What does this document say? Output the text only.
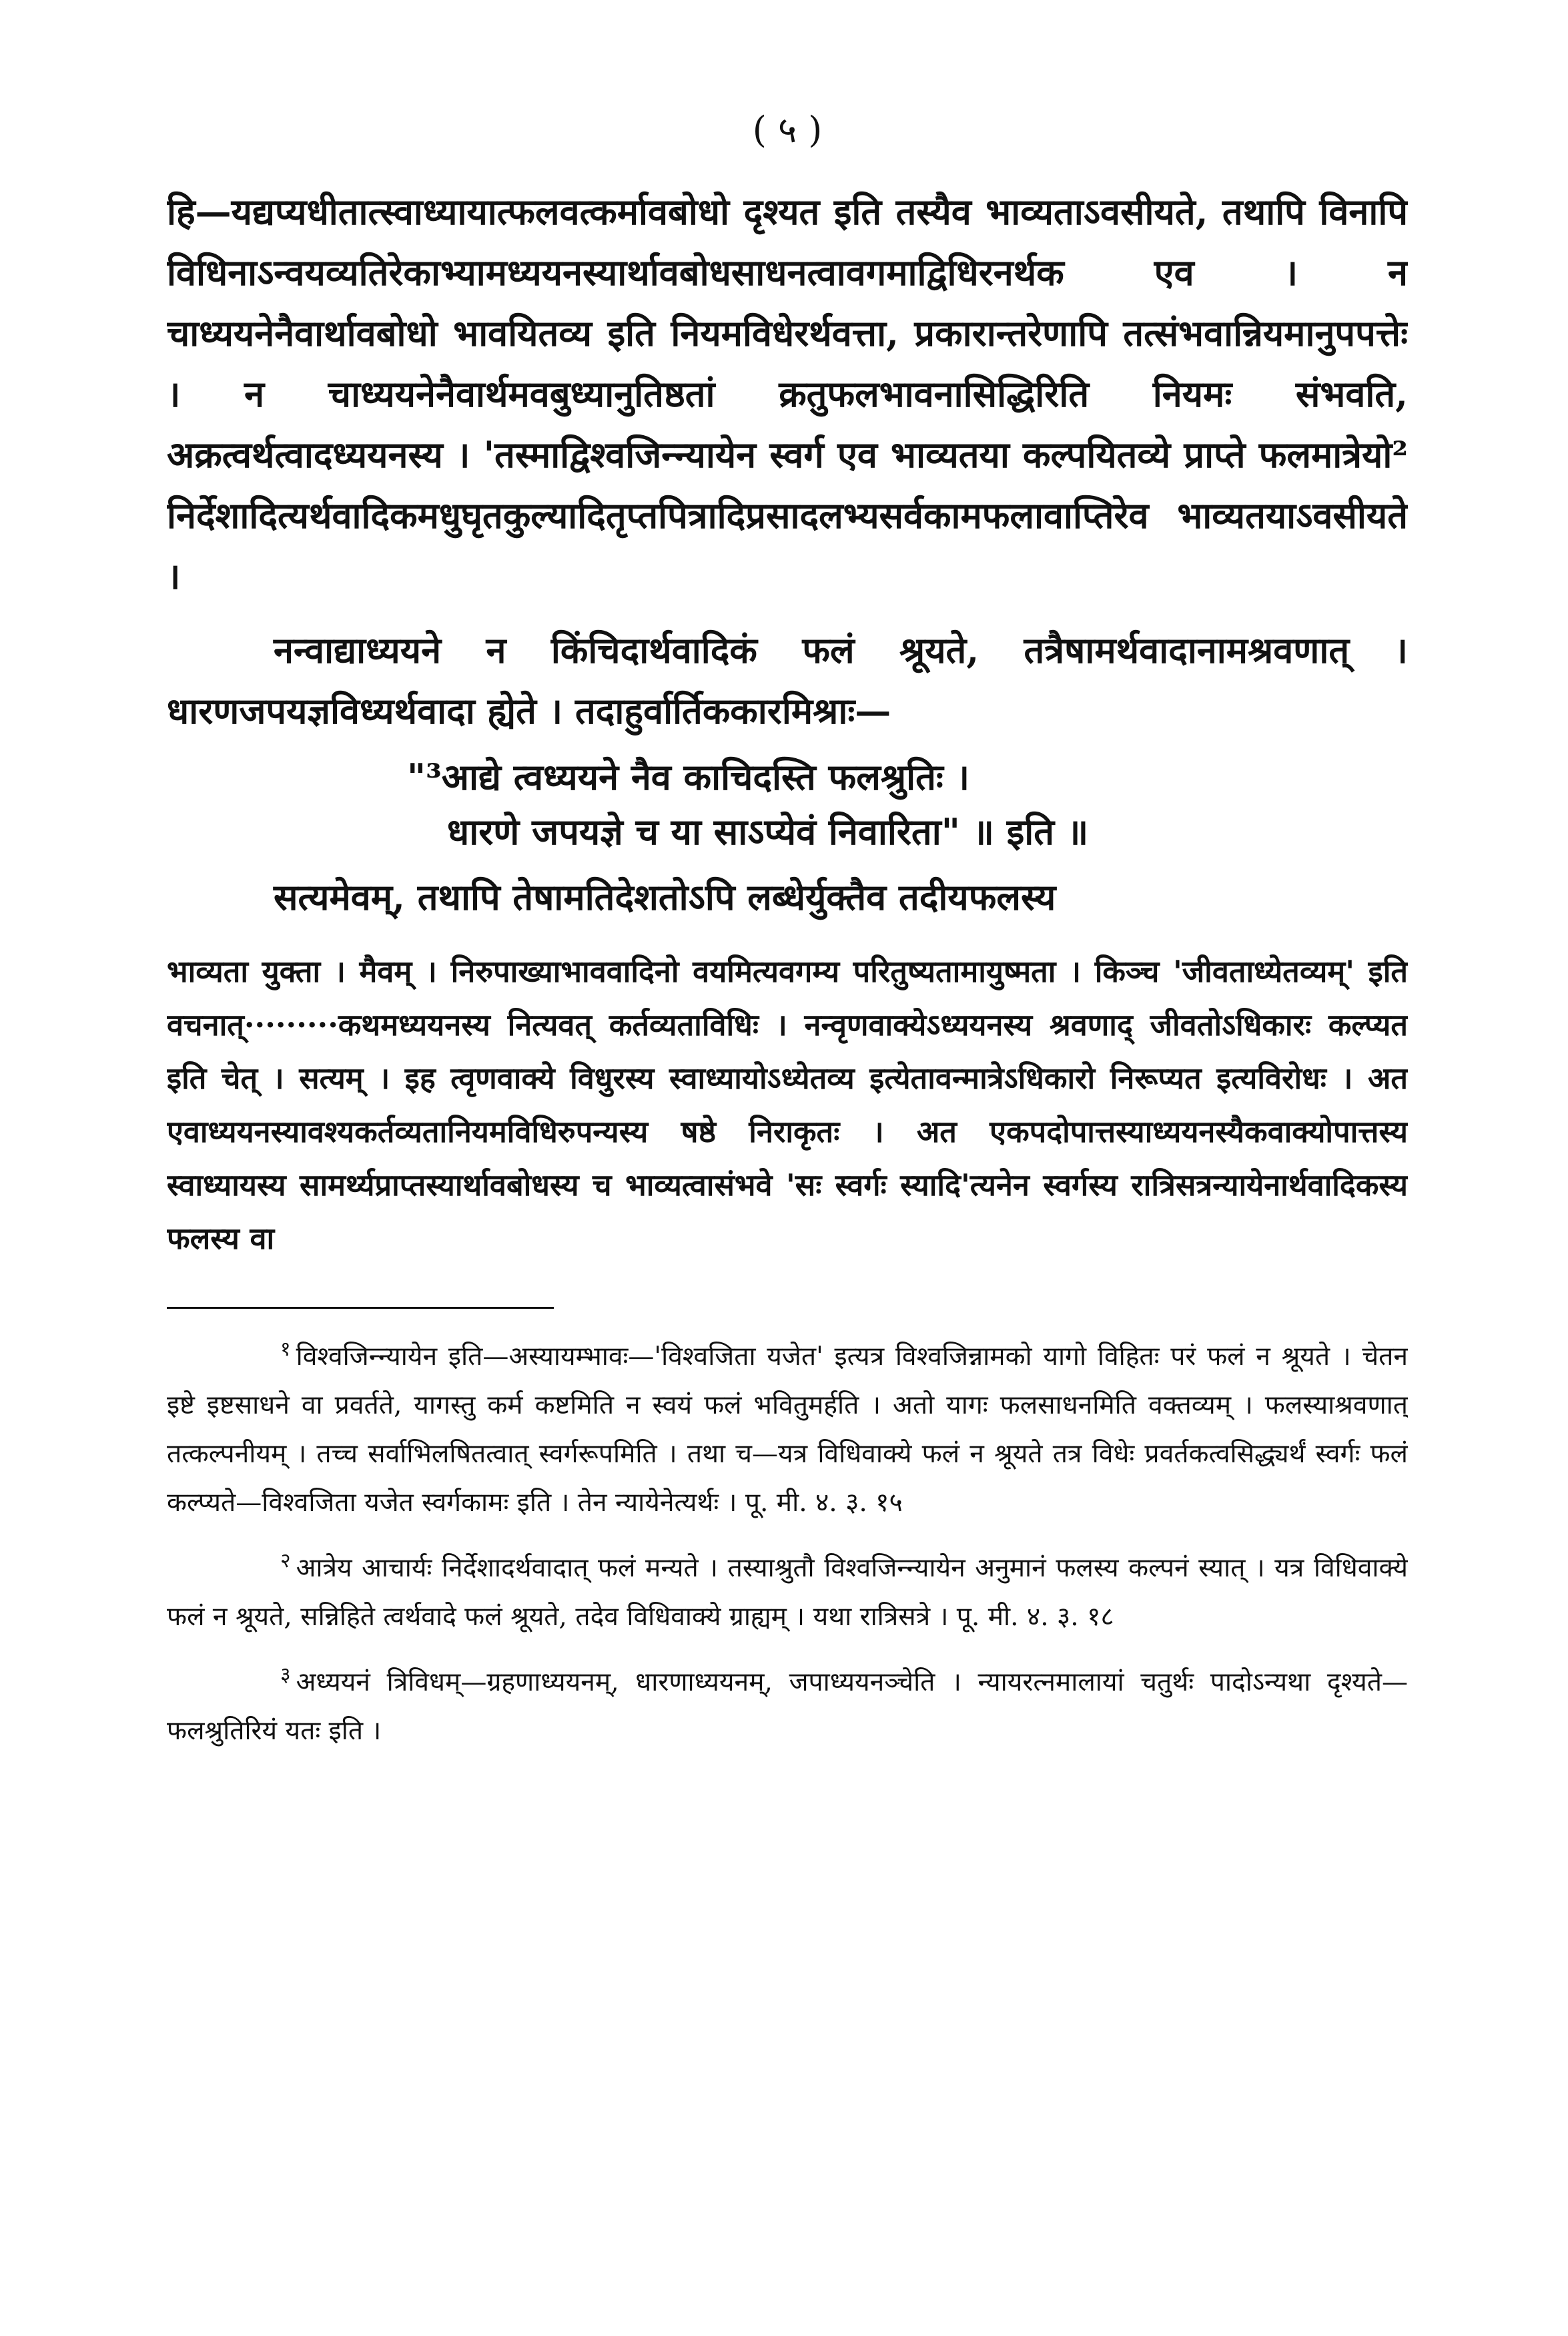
( ५ )

हि—यद्यप्यधीतात्स्वाध्यायात्फलवत्कर्मावबोधो दृश्यत इति तस्यैव भाव्यताऽवसीयते, तथापि विनापि विधिनाऽन्वयव्यतिरेकाभ्यामध्ययनस्यार्थावबोधसाधनत्वावगमाद्विधिरनर्थक एव । न चाध्ययनेनैवार्थावबोधो भावयितव्य इति नियमविधेरर्थवत्ता, प्रकारान्तरेणापि तत्संभवान्नियमानुपपत्तेः । न चाध्ययनेनैवार्थमवबुध्यानुतिष्ठतां क्रतुफलभावनासिद्धिरिति नियमः संभवति, अक्रत्वर्थत्वादध्ययनस्य । 'तस्माद्विश्वजिन्न्यायेन स्वर्ग एव भाव्यतया कल्पयितव्ये प्राप्ते फलमात्रेयो² निर्देशादित्यर्थवादिकमधुघृतकुल्यादितृप्तपित्रादिप्रसादलभ्यसर्वकामफलावाप्तिरेव भाव्यतयाऽवसीयते ।

नन्वाद्याध्ययने न किंचिदार्थवादिकं फलं श्रूयते, तत्रैषामर्थवादानामश्रवणात् । धारणजपयज्ञविध्यर्थवादा ह्येते । तदाहुर्वार्तिककारमिश्राः—

"³आद्ये त्वध्ययने नैव काचिदस्ति फलश्रुतिः ।
धारणे जपयज्ञे च या साऽप्येवं निवारिता" ॥ इति ॥

सत्यमेवम्, तथापि तेषामतिदेशतोऽपि लब्धेर्युक्तैव तदीयफलस्य

भाव्यता युक्ता । मैवम् । निरुपाख्याभाववादिनो वयमित्यवगम्य परितुष्यतामायुष्मता । किञ्च 'जीवताध्येतव्यम्' इति वचनात्·········कथमध्ययनस्य नित्यवत् कर्तव्यताविधिः । नन्वृणवाक्येऽध्ययनस्य श्रवणाद् जीवतोऽधिकारः कल्प्यत इति चेत् । सत्यम् । इह त्वृणवाक्ये विधुरस्य स्वाध्यायोऽध्येतव्य इत्येतावन्मात्रेऽधिकारो निरूप्यत इत्यविरोधः । अत एवाध्ययनस्यावश्यकर्तव्यतानियमविधिरुपन्यस्य षष्ठे निराकृतः । अत एकपदोपात्तस्याध्ययनस्यैकवाक्योपात्तस्य स्वाध्यायस्य सामर्थ्यप्राप्तस्यार्थावबोधस्य च भाव्यत्वासंभवे 'सः स्वर्गः स्यादि'त्यनेन स्वर्गस्य रात्रिसत्रन्यायेनार्थवादिकस्य फलस्य वा

$^१$ विश्वजिन्न्यायेन इति—अस्यायम्भावः—'विश्वजिता यजेत' इत्यत्र विश्वजिन्नामको यागो विहितः परं फलं न श्रूयते । चेतन इष्टे इष्टसाधने वा प्रवर्तते, यागस्तु कर्म कष्टमिति न स्वयं फलं भवितुमर्हति । अतो यागः फलसाधनमिति वक्तव्यम् । फलस्याश्रवणात् तत्कल्पनीयम् । तच्च सर्वाभिलषितत्वात् स्वर्गरूपमिति । तथा च—यत्र विधिवाक्ये फलं न श्रूयते तत्र विधेः प्रवर्तकत्वसिद्ध्यर्थं स्वर्गः फलं कल्प्यते—विश्वजिता यजेत स्वर्गकामः इति । तेन न्यायेनेत्यर्थः । पू. मी. ४. ३. १५

$^२$ आत्रेय आचार्यः निर्देशादर्थवादात् फलं मन्यते । तस्याश्रुतौ विश्वजिन्न्यायेन अनुमानं फलस्य कल्पनं स्यात् । यत्र विधिवाक्ये फलं न श्रूयते, सन्निहिते त्वर्थवादे फलं श्रूयते, तदेव विधिवाक्ये ग्राह्यम् । यथा रात्रिसत्रे । पू. मी. ४. ३. १८

$^३$ अध्ययनं त्रिविधम्—ग्रहणाध्ययनम्, धारणाध्ययनम्, जपाध्ययनञ्चेति । न्यायरत्नमालायां चतुर्थः पादोऽन्यथा दृश्यते—फलश्रुतिरियं यतः इति ।
